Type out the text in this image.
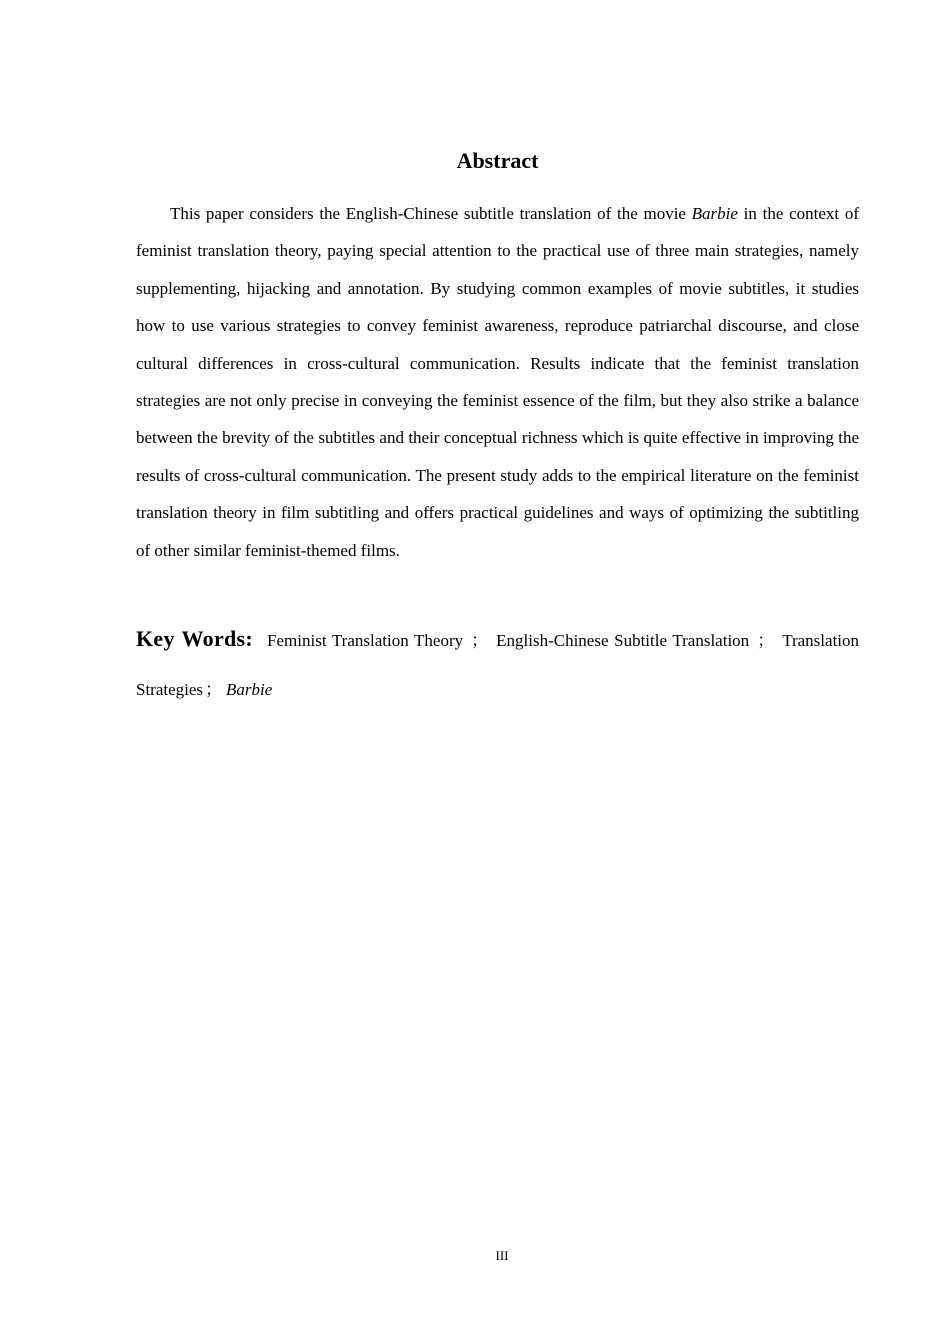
Abstract

This paper considers the English-Chinese subtitle translation of the movie Barbie in the context of feminist translation theory, paying special attention to the practical use of three main strategies, namely supplementing, hijacking and annotation. By studying common examples of movie subtitles, it studies how to use various strategies to convey feminist awareness, reproduce patriarchal discourse, and close cultural differences in cross-cultural communication. Results indicate that the feminist translation strategies are not only precise in conveying the feminist essence of the film, but they also strike a balance between the brevity of the subtitles and their conceptual richness which is quite effective in improving the results of cross-cultural communication. The present study adds to the empirical literature on the feminist translation theory in film subtitling and offers practical guidelines and ways of optimizing the subtitling of other similar feminist-themed films.

Key Words: Feminist Translation Theory ； English-Chinese Subtitle Translation ； Translation Strategies ； Barbie

III
